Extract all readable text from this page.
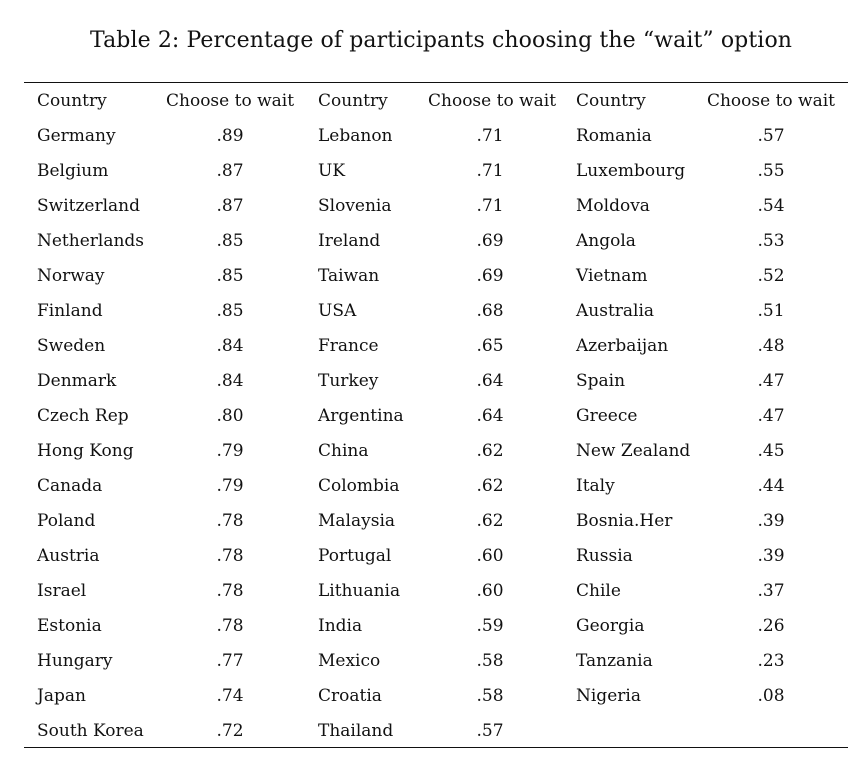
Table 2: Percentage of participants choosing the “wait” option
Country	Choose to wait	Country	Choose to wait	Country	Choose to wait
Germany	.89	Lebanon	.71	Romania	.57
Belgium	.87	UK	.71	Luxembourg	.55
Switzerland	.87	Slovenia	.71	Moldova	.54
Netherlands	.85	Ireland	.69	Angola	.53
Norway	.85	Taiwan	.69	Vietnam	.52
Finland	.85	USA	.68	Australia	.51
Sweden	.84	France	.65	Azerbaijan	.48
Denmark	.84	Turkey	.64	Spain	.47
Czech Rep	.80	Argentina	.64	Greece	.47
Hong Kong	.79	China	.62	New Zealand	.45
Canada	.79	Colombia	.62	Italy	.44
Poland	.78	Malaysia	.62	Bosnia.Her	.39
Austria	.78	Portugal	.60	Russia	.39
Israel	.78	Lithuania	.60	Chile	.37
Estonia	.78	India	.59	Georgia	.26
Hungary	.77	Mexico	.58	Tanzania	.23
Japan	.74	Croatia	.58	Nigeria	.08
South Korea	.72	Thailand	.57		
